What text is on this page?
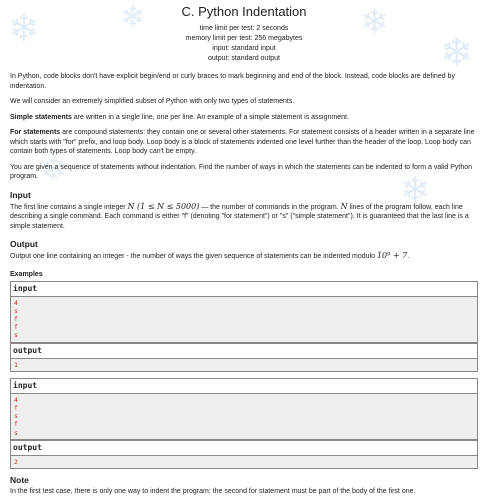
❄	❄	❄
❄
❄
❄
C. Python Indentation
time limit per test: 2 seconds
memory limit per test: 256 megabytes
input: standard input
output: standard output
In Python, code blocks don't have explicit begin/end or curly braces to mark beginning and end of the block. Instead, code blocks are defined by indentation.
We will consider an extremely simplified subset of Python with only two types of statements.
Simple statements are written in a single line, one per line. An example of a simple statement is assignment.
For statements are compound statements: they contain one or several other statements. For statement consists of a header written in a separate line which starts with "for" prefix, and loop body. Loop body is a block of statements indented one level further than the header of the loop. Loop body can contain both types of statements. Loop body can't be empty.
You are given a sequence of statements without indentation. Find the number of ways in which the statements can be indented to form a valid Python program.
Input
The first line contains a single integer N (1 ≤ N ≤ 5000) — the number of commands in the program. N lines of the program follow, each line describing a single command. Each command is either "f" (denoting "for statement") or "s" ("simple statement"). It is guaranteed that the last line is a simple statement.
Output
Output one line containing an integer - the number of ways the given sequence of statements can be indented modulo 10⁹ + 7.
Examples
input
4
s
f
f
s
output
1
input
4
f
s
f
s
output
2
Note
In the first test case, there is only one way to indent the program: the second for statement must be part of the body of the first one.
